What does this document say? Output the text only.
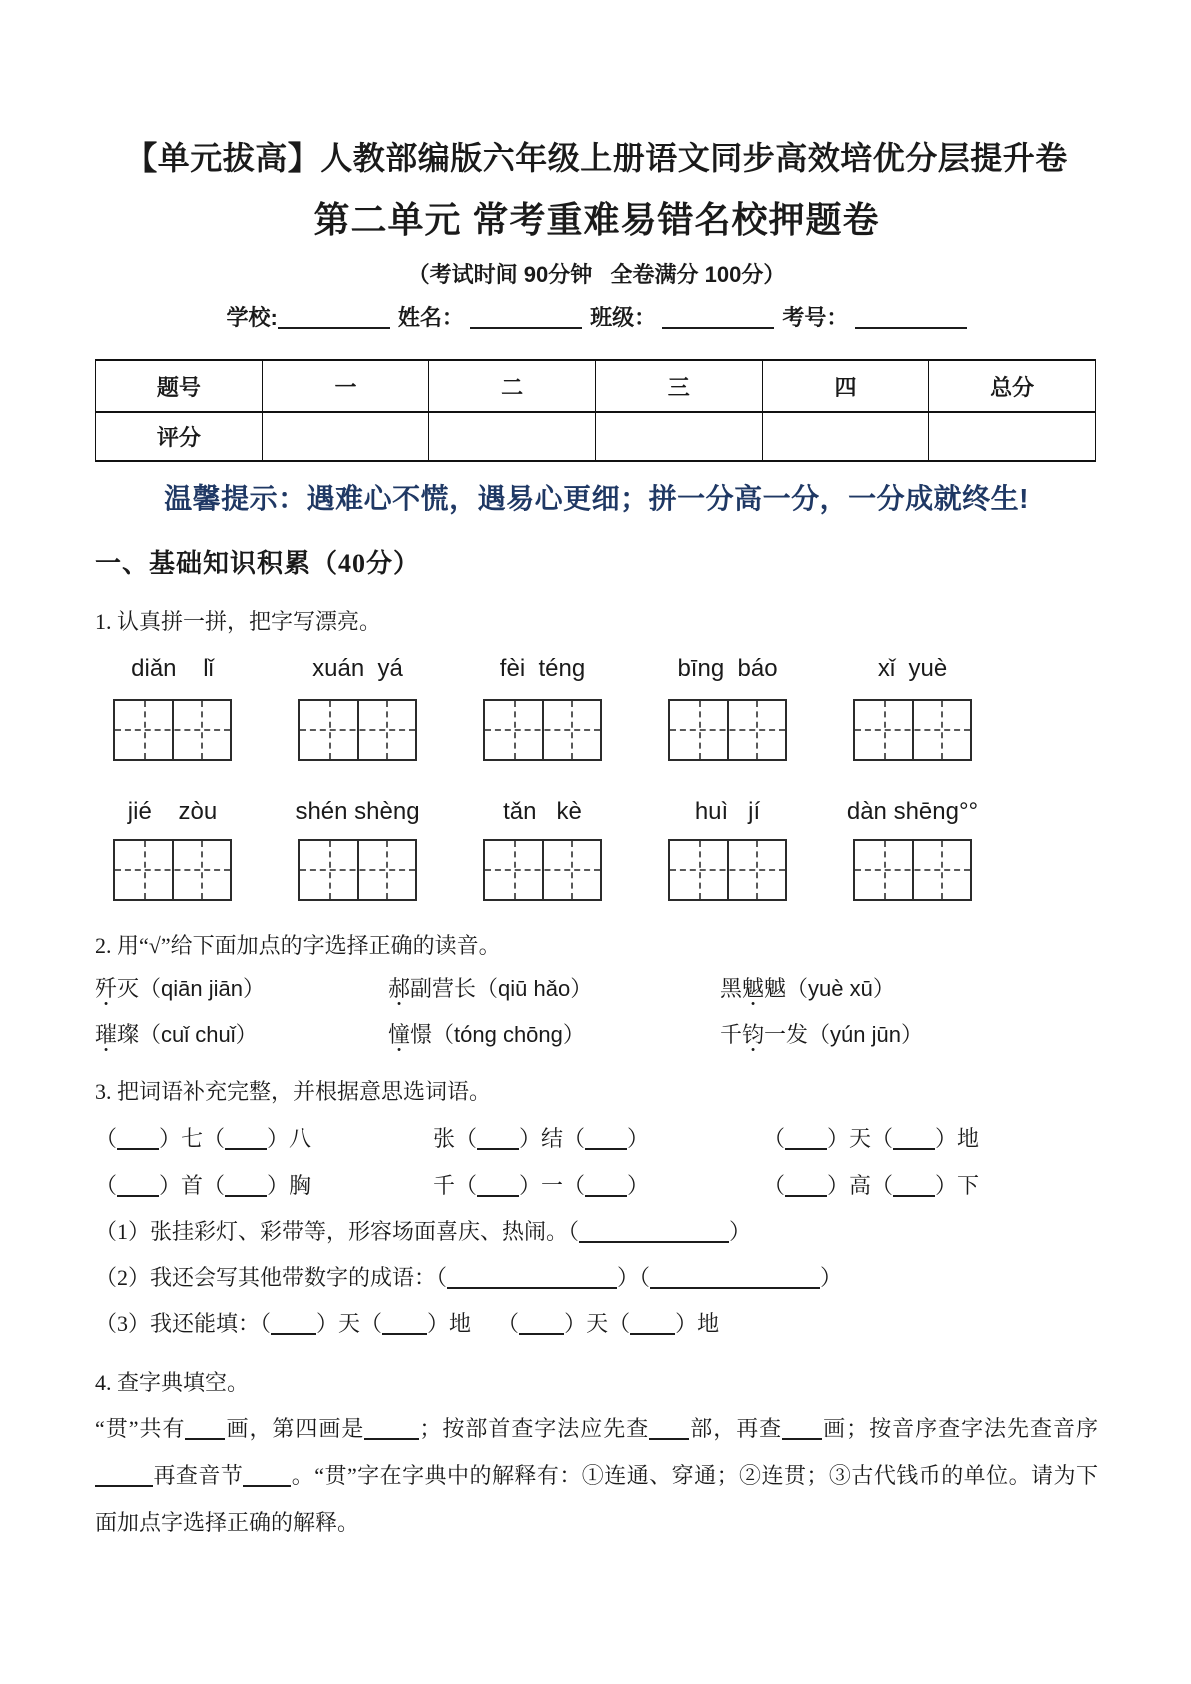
【单元拔高】人教部编版六年级上册语文同步高效培优分层提升卷
第二单元 常考重难易错名校押题卷
（考试时间 90分钟   全卷满分 100分）
学校:	姓名：	班级：	考号：
题号	一	二	三	四	总分
评分					
温馨提示：遇难心不慌，遇易心更细；拼一分高一分，一分成就终生!
一、基础知识积累（40分）
1. 认真拼一拼，把字写漂亮。
diǎn    lǐ	xuán  yá	fèi  téng	bīng  báo	xǐ  yuè
jié    zòu	shén shèng	tǎn   kè	huì   jí	dàn shēng°°
2. 用“√”给下面加点的字选择正确的读音。
歼灭（qiān jiān）	郝副营长（qiū hǎo）	黑魆魆（yuè xū）
璀璨（cuǐ chuǐ）	憧憬（tóng chōng）	千钧一发（yún jūn）
3. 把词语补充完整，并根据意思选词语。
（ ）七（ ）八	张（ ）结（ ）	（ ）天（ ）地
（ ）首（ ）胸	千（ ）一（ ）	（ ）高（ ）下
（1）张挂彩灯、彩带等，形容场面喜庆、热闹。（	）
（2）我还会写其他带数字的成语：（	）（	）
（3）我还能填：（ ）天（ ）地 （ ）天（ ）地
4. 查字典填空。

“贯”共有 画，第四画是	；按部首查字法应先查 部，再查 画；按音序查字法先查音序再查音节 。“贯”字在字典中的解释有：①连通、穿通；②连贯；③古代钱币的单位。请为下面加点字选择正确的解释。
